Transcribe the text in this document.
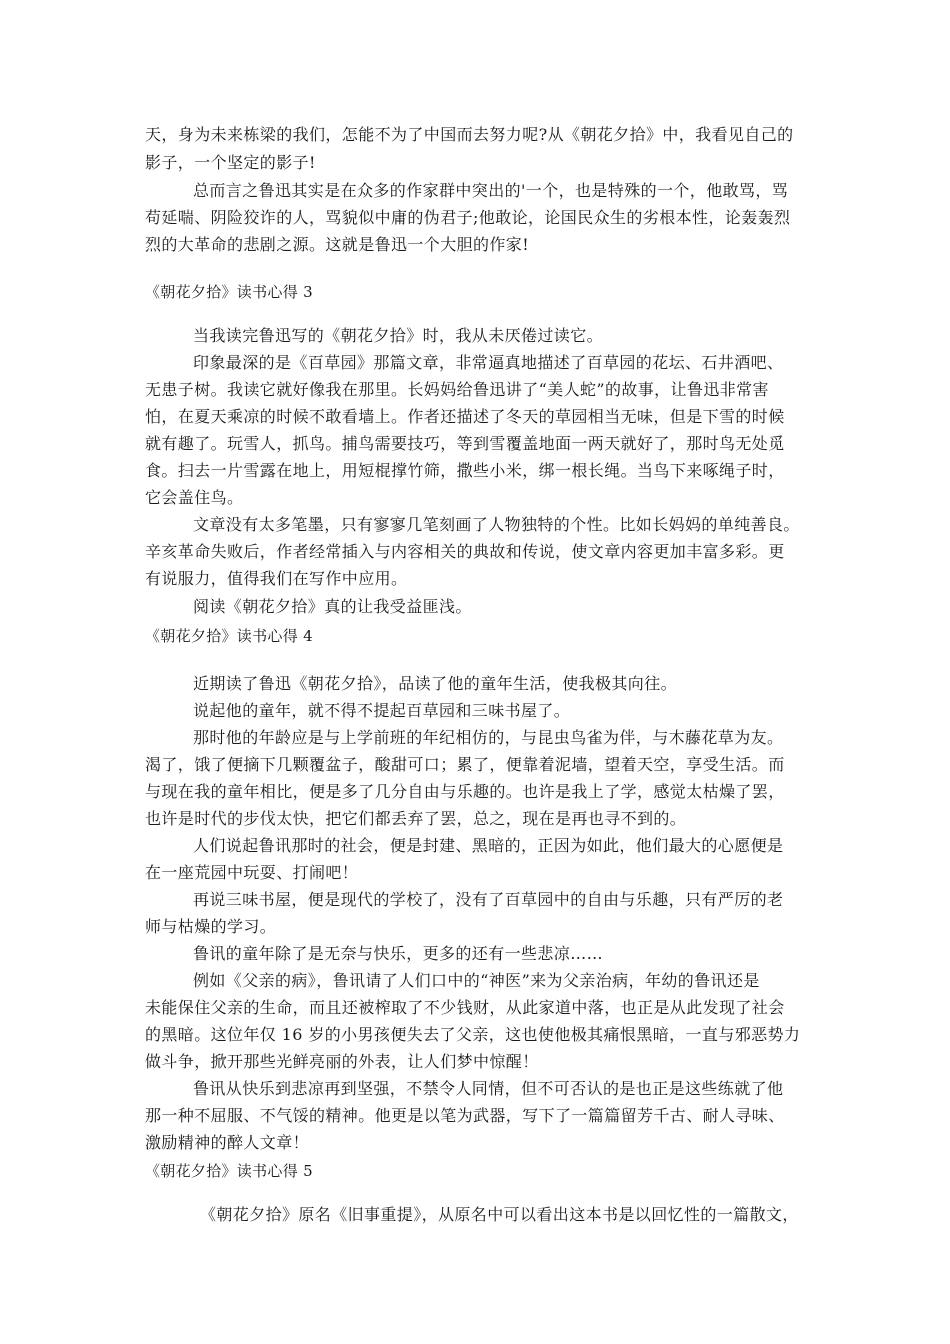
天，身为未来栋梁的我们，怎能不为了中国而去努力呢?从《朝花夕拾》中，我看见自己的
影子，一个坚定的影子!
总而言之鲁迅其实是在众多的作家群中突出的'一个，也是特殊的一个，他敢骂，骂
苟延喘、阴险狡诈的人，骂貌似中庸的伪君子;他敢论，论国民众生的劣根本性，论轰轰烈
烈的大革命的悲剧之源。这就是鲁迅一个大胆的作家!
《朝花夕拾》读书心得 3
当我读完鲁迅写的《朝花夕拾》时，我从未厌倦过读它。
印象最深的是《百草园》那篇文章，非常逼真地描述了百草园的花坛、石井酒吧、
无患子树。我读它就好像我在那里。长妈妈给鲁迅讲了“美人蛇”的故事，让鲁迅非常害
怕，在夏天乘凉的时候不敢看墙上。作者还描述了冬天的草园相当无味，但是下雪的时候
就有趣了。玩雪人，抓鸟。捕鸟需要技巧，等到雪覆盖地面一两天就好了，那时鸟无处觅
食。扫去一片雪露在地上，用短棍撑竹筛，撒些小米，绑一根长绳。当鸟下来啄绳子时，
它会盖住鸟。
文章没有太多笔墨，只有寥寥几笔刻画了人物独特的个性。比如长妈妈的单纯善良。
辛亥革命失败后，作者经常插入与内容相关的典故和传说，使文章内容更加丰富多彩。更
有说服力，值得我们在写作中应用。
阅读《朝花夕拾》真的让我受益匪浅。
《朝花夕拾》读书心得 4
近期读了鲁迅《朝花夕拾》，品读了他的童年生活，使我极其向往。
说起他的童年，就不得不提起百草园和三味书屋了。
那时他的年龄应是与上学前班的年纪相仿的，与昆虫鸟雀为伴，与木藤花草为友。
渴了，饿了便摘下几颗覆盆子，酸甜可口；累了，便靠着泥墙，望着天空，享受生活。而
与现在我的童年相比，便是多了几分自由与乐趣的。也许是我上了学，感觉太枯燥了罢，
也许是时代的步伐太快，把它们都丢弃了罢，总之，现在是再也寻不到的。
人们说起鲁讯那时的社会，便是封建、黑暗的，正因为如此，他们最大的心愿便是
在一座荒园中玩耍、打闹吧！
再说三味书屋，便是现代的学校了，没有了百草园中的自由与乐趣，只有严厉的老
师与枯燥的学习。
鲁讯的童年除了是无奈与快乐，更多的还有一些悲凉……
例如《父亲的病》，鲁讯请了人们口中的“神医”来为父亲治病，年幼的鲁讯还是
未能保住父亲的生命，而且还被榨取了不少钱财，从此家道中落，也正是从此发现了社会
的黑暗。这位年仅 16 岁的小男孩便失去了父亲，这也使他极其痛恨黑暗，一直与邪恶势力
做斗争，掀开那些光鲜亮丽的外表，让人们梦中惊醒！
鲁讯从快乐到悲凉再到坚强，不禁令人同情，但不可否认的是也正是这些练就了他
那一种不屈服、不气馁的精神。他更是以笔为武器，写下了一篇篇留芳千古、耐人寻味、
激励精神的醉人文章！
《朝花夕拾》读书心得 5
《朝花夕拾》原名《旧事重提》，从原名中可以看出这本书是以回忆性的一篇散文，
